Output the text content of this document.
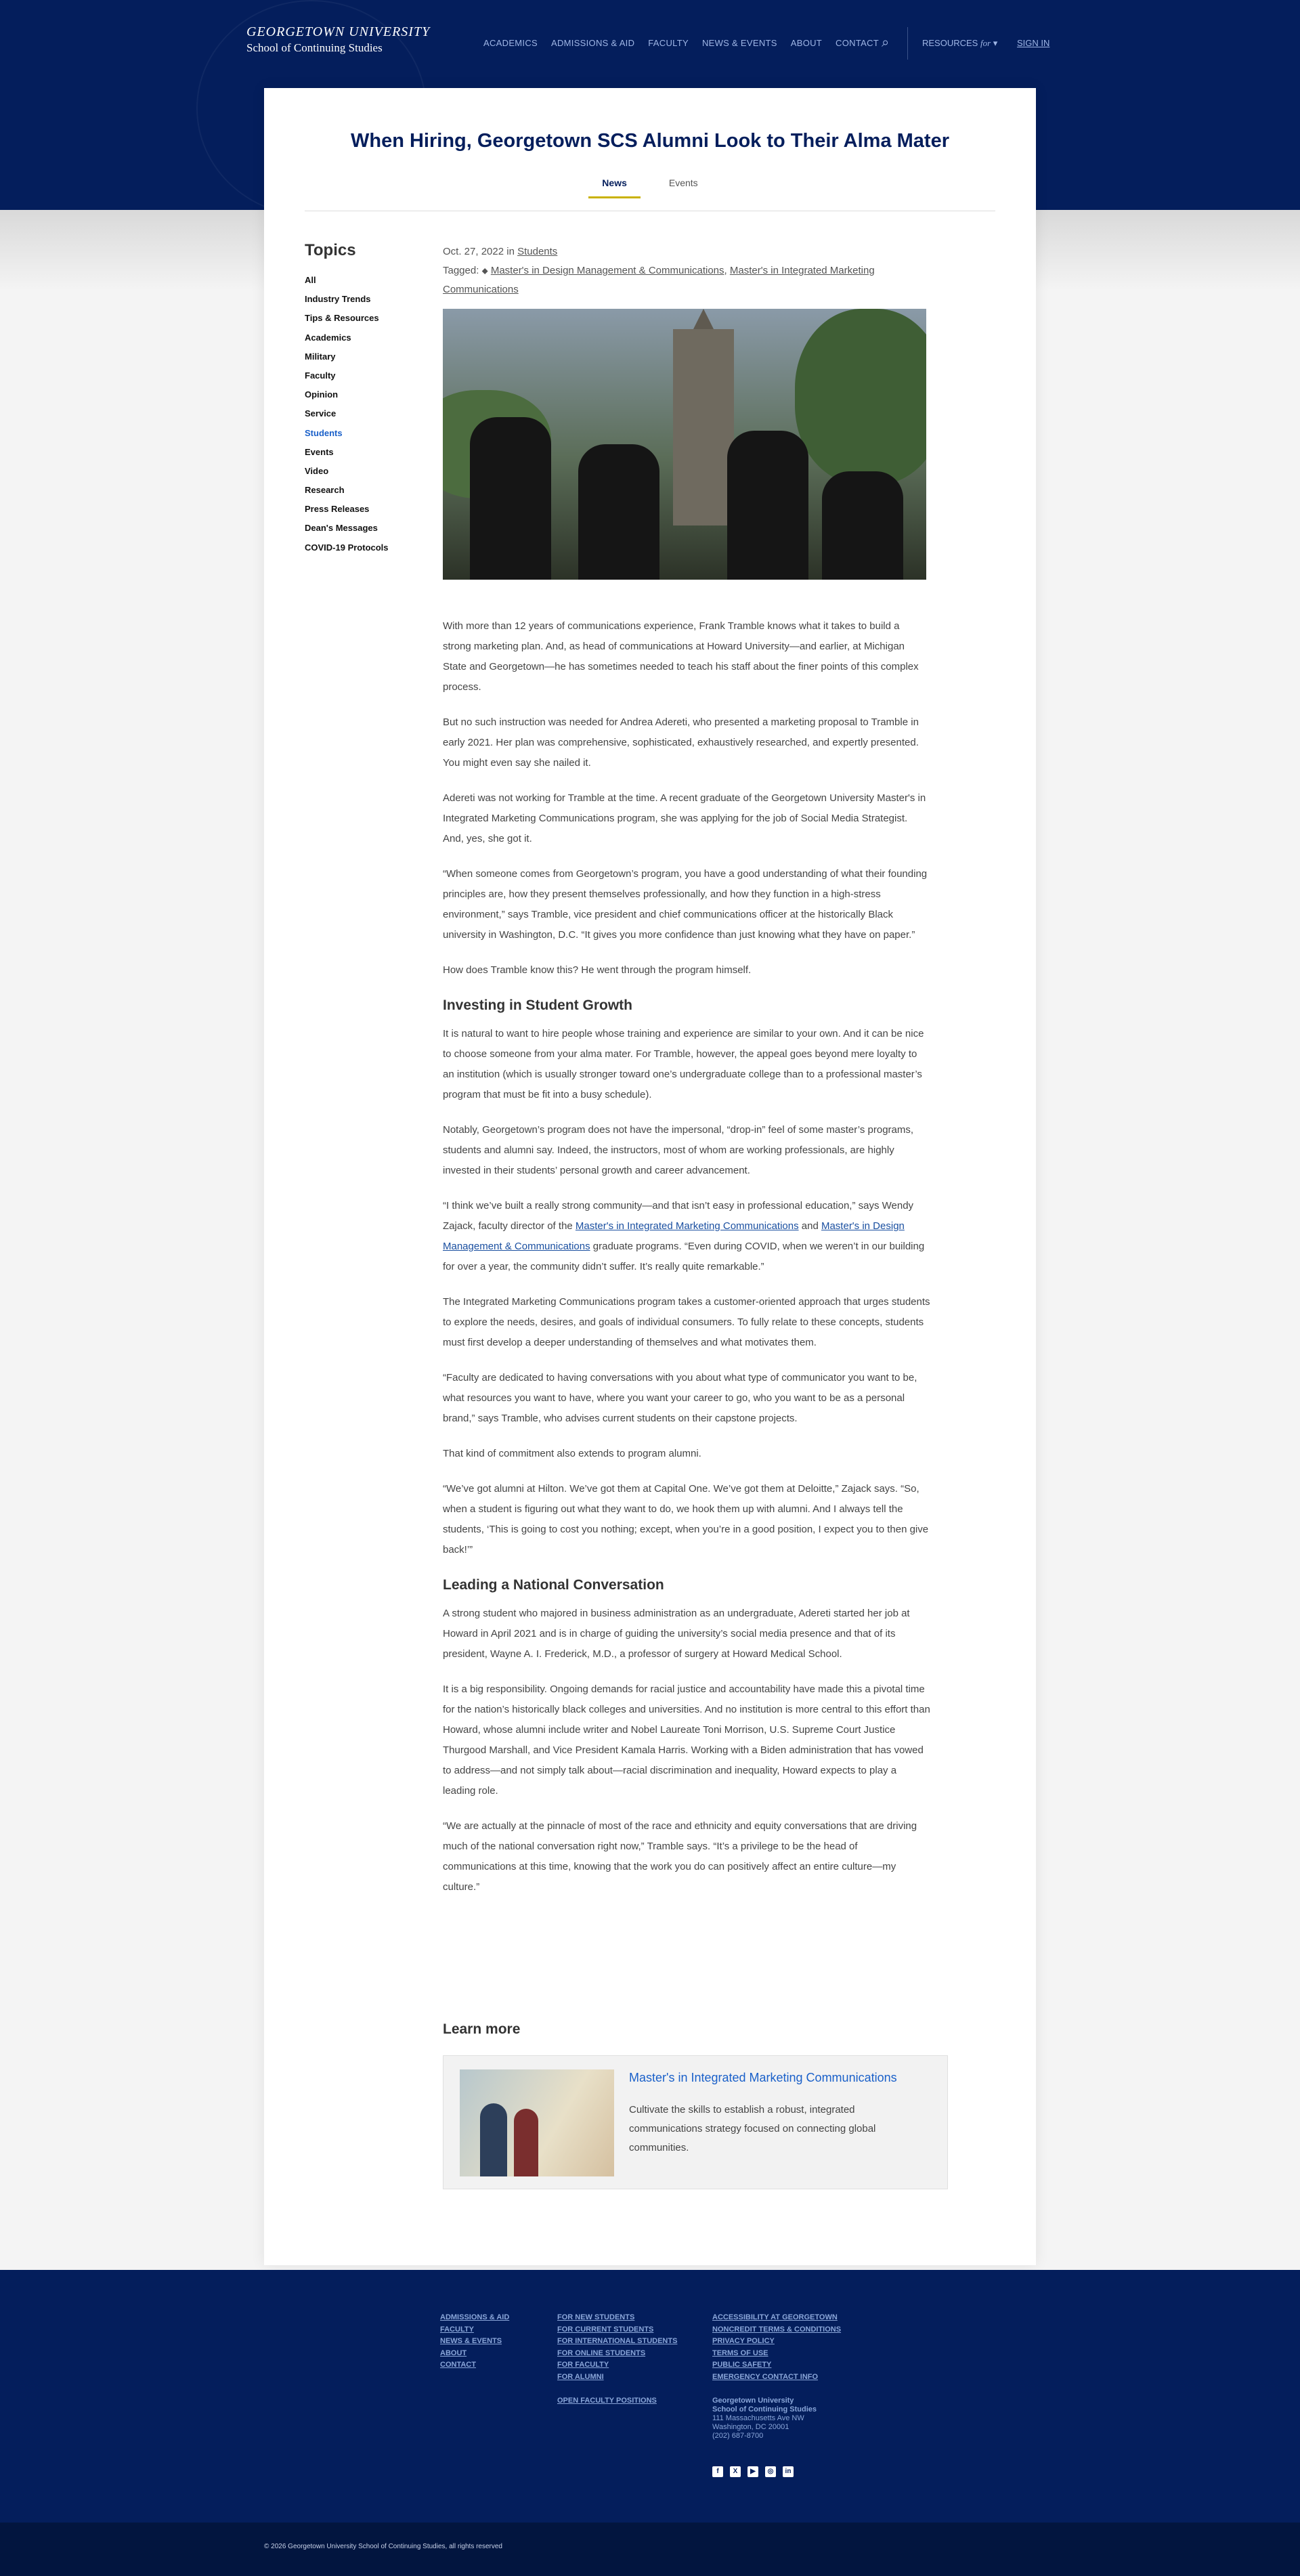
GEORGETOWN UNIVERSITY
School of Continuing Studies	ACADEMICS ADMISSIONS & AID FACULTY NEWS & EVENTS ABOUT CONTACT ⌕	RESOURCES for ▾ SIGN IN
When Hiring, Georgetown SCS Alumni Look to Their Alma Mater
News	Events
Topics
All
Industry Trends
Tips & Resources
Academics
Military
Faculty
Opinion
Service
Students
Events
Video
Research
Press Releases
Dean's Messages
COVID-19 Protocols
Oct. 27, 2022 in Students
Tagged: ⬥ Master's in Design Management & Communications, Master's in Integrated Marketing Communications

With more than 12 years of communications experience, Frank Tramble knows what it takes to build a strong marketing plan. And, as head of communications at Howard University—and earlier, at Michigan State and Georgetown—he has sometimes needed to teach his staff about the finer points of this complex process.

But no such instruction was needed for Andrea Adereti, who presented a marketing proposal to Tramble in early 2021. Her plan was comprehensive, sophisticated, exhaustively researched, and expertly presented. You might even say she nailed it.

Adereti was not working for Tramble at the time. A recent graduate of the Georgetown University Master's in Integrated Marketing Communications program, she was applying for the job of Social Media Strategist. And, yes, she got it.

“When someone comes from Georgetown’s program, you have a good understanding of what their founding principles are, how they present themselves professionally, and how they function in a high-stress environment,” says Tramble, vice president and chief communications officer at the historically Black university in Washington, D.C. “It gives you more confidence than just knowing what they have on paper.”

How does Tramble know this? He went through the program himself.

Investing in Student Growth

It is natural to want to hire people whose training and experience are similar to your own. And it can be nice to choose someone from your alma mater. For Tramble, however, the appeal goes beyond mere loyalty to an institution (which is usually stronger toward one’s undergraduate college than to a professional master’s program that must be fit into a busy schedule).

Notably, Georgetown’s program does not have the impersonal, “drop-in” feel of some master’s programs, students and alumni say. Indeed, the instructors, most of whom are working professionals, are highly invested in their students’ personal growth and career advancement.

“I think we’ve built a really strong community—and that isn’t easy in professional education,” says Wendy Zajack, faculty director of the Master's in Integrated Marketing Communications and Master's in Design Management & Communications graduate programs. “Even during COVID, when we weren’t in our building for over a year, the community didn’t suffer. It’s really quite remarkable.”

The Integrated Marketing Communications program takes a customer-oriented approach that urges students to explore the needs, desires, and goals of individual consumers. To fully relate to these concepts, students must first develop a deeper understanding of themselves and what motivates them.

“Faculty are dedicated to having conversations with you about what type of communicator you want to be, what resources you want to have, where you want your career to go, who you want to be as a personal brand,” says Tramble, who advises current students on their capstone projects.

That kind of commitment also extends to program alumni.

“We’ve got alumni at Hilton. We’ve got them at Capital One. We’ve got them at Deloitte,” Zajack says. “So, when a student is figuring out what they want to do, we hook them up with alumni. And I always tell the students, ‘This is going to cost you nothing; except, when you’re in a good position, I expect you to then give back!’”

Leading a National Conversation

A strong student who majored in business administration as an undergraduate, Adereti started her job at Howard in April 2021 and is in charge of guiding the university’s social media presence and that of its president, Wayne A. I. Frederick, M.D., a professor of surgery at Howard Medical School.

It is a big responsibility. Ongoing demands for racial justice and accountability have made this a pivotal time for the nation’s historically black colleges and universities. And no institution is more central to this effort than Howard, whose alumni include writer and Nobel Laureate Toni Morrison, U.S. Supreme Court Justice Thurgood Marshall, and Vice President Kamala Harris. Working with a Biden administration that has vowed to address—and not simply talk about—racial discrimination and inequality, Howard expects to play a leading role.

“We are actually at the pinnacle of most of the race and ethnicity and equity conversations that are driving much of the national conversation right now,” Tramble says. “It’s a privilege to be the head of communications at this time, knowing that the work you do can positively affect an entire culture—my culture.”

Learn more
Master's in Integrated Marketing Communications
Cultivate the skills to establish a robust, integrated communications strategy focused on connecting global communities.
ADMISSIONS & AID
FACULTY
NEWS & EVENTS
ABOUT
CONTACT
FOR NEW STUDENTS
FOR CURRENT STUDENTS
FOR INTERNATIONAL STUDENTS
FOR ONLINE STUDENTS
FOR FACULTY
FOR ALUMNI
OPEN FACULTY POSITIONS
ACCESSIBILITY AT GEORGETOWN
NONCREDIT TERMS & CONDITIONS
PRIVACY POLICY
TERMS OF USE
PUBLIC SAFETY
EMERGENCY CONTACT INFO
Georgetown University
School of Continuing Studies
111 Massachusetts Ave NW
Washington, DC 20001
(202) 687-8700
f	X	▶	◎	in
© 2026 Georgetown University School of Continuing Studies, all rights reserved
